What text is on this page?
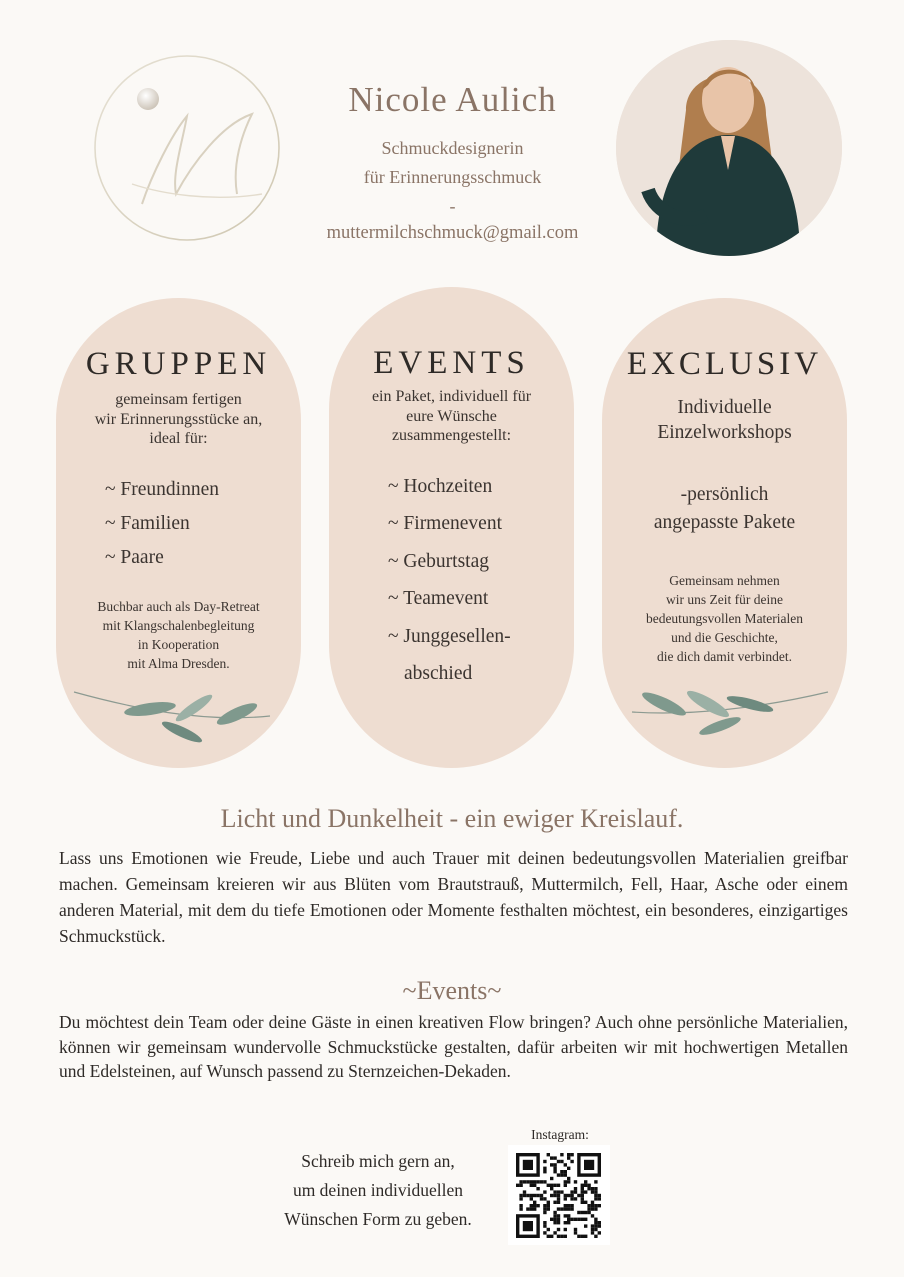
Nicole Aulich
Schmuckdesignerin
für Erinnerungsschmuck
-
muttermilchschmuck@gmail.com
GRUPPEN
gemeinsam fertigen
wir Erinnerungsstücke an,
ideal für:
~ Freundinnen
~ Familien
~ Paare
Buchbar auch als Day-Retreat
mit Klangschalenbegleitung
in Kooperation
mit Alma Dresden.
EVENTS
ein Paket, individuell für
eure Wünsche
zusammengestellt:
~ Hochzeiten
~ Firmenevent
~ Geburtstag
~ Teamevent
~ Junggesellen-
abschied
EXCLUSIV
Individuelle
Einzelworkshops
-persönlich
angepasste Pakete
Gemeinsam nehmen
wir uns Zeit für deine
bedeutungsvollen Materialen
und die Geschichte,
die dich damit verbindet.
Licht und Dunkelheit - ein ewiger Kreislauf.
Lass uns Emotionen wie Freude, Liebe und auch Trauer mit deinen bedeutungsvollen Materialien greifbar machen. Gemeinsam kreieren wir aus Blüten vom Brautstrauß, Muttermilch, Fell, Haar, Asche oder einem anderen Material, mit dem du tiefe Emotionen oder Momente festhalten möchtest, ein besonderes, einzigartiges Schmuckstück.
~Events~
Du möchtest dein Team oder deine Gäste in einen kreativen Flow bringen? Auch ohne persönliche Materialien, können wir gemeinsam wundervolle Schmuckstücke gestalten, dafür arbeiten wir mit hochwertigen Metallen und Edelsteinen, auf Wunsch passend zu Sternzeichen-Dekaden.
Schreib mich gern an,
um deinen individuellen
Wünschen Form zu geben.
Instagram:
